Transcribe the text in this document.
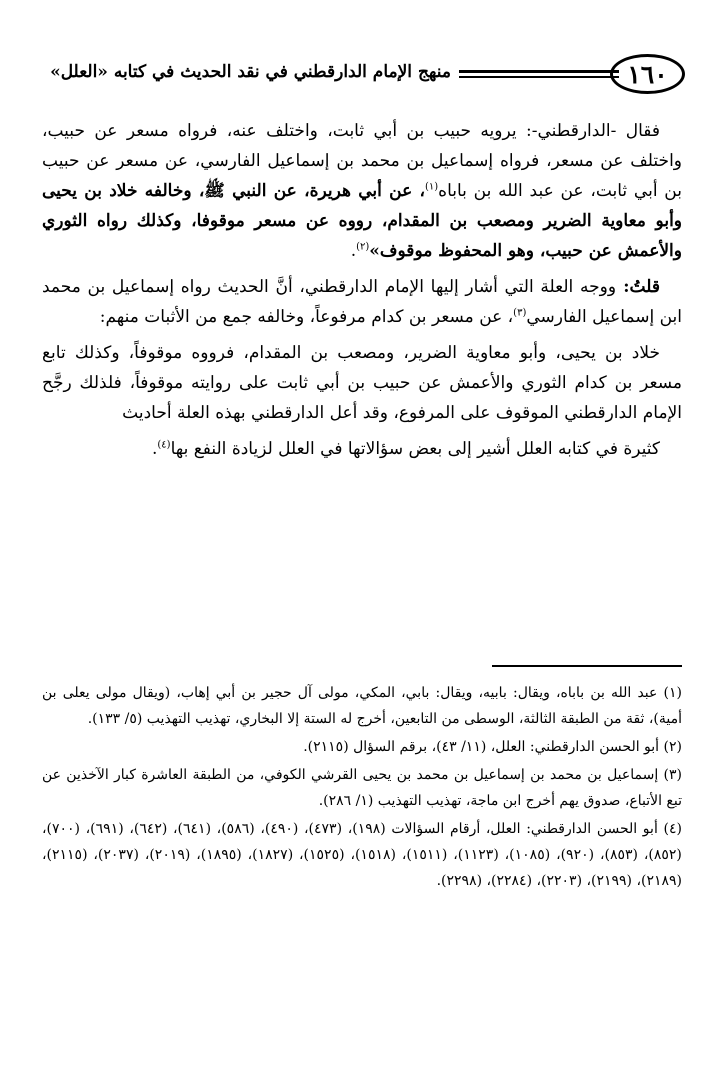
١٦٠
منهج الإمام الدارقطني في نقد الحديث في كتابه «العلل»

فقال -الدارقطني-: يرويه حبيب بن أبي ثابت، واختلف عنه، فرواه مسعر عن حبيب، واختلف عن مسعر، فرواه إسماعيل بن محمد بن إسماعيل الفارسي، عن مسعر عن حبيب بن أبي ثابت، عن عبد الله بن باباه$^{(١)}$، عن أبي هريرة، عن النبي ﷺ، وخالفه خلاد بن يحيى وأبو معاوية الضرير ومصعب بن المقدام، رووه عن مسعر موقوفا، وكذلك رواه الثوري والأعمش عن حبيب، وهو المحفوظ موقوف»$^{(٢)}$.

قلتُ: ووجه العلة التي أشار إليها الإمام الدارقطني، أنَّ الحديث رواه إسماعيل بن محمد ابن إسماعيل الفارسي$^{(٣)}$، عن مسعر بن كدام مرفوعاً، وخالفه جمع من الأثبات منهم:

خلاد بن يحيى، وأبو معاوية الضرير، ومصعب بن المقدام، فرووه موقوفاً، وكذلك تابع مسعر بن كدام الثوري والأعمش عن حبيب بن أبي ثابت على روايته موقوفاً، فلذلك رجَّح الإمام الدارقطني الموقوف على المرفوع، وقد أعل الدارقطني بهذه العلة أحاديث

كثيرة في كتابه العلل أشير إلى بعض سؤالاتها في العلل لزيادة النفع بها$^{(٤)}$.

(١) عبد الله بن باباه، ويقال: بابيه، ويقال: بابي، المكي، مولى آل حجير بن أبي إهاب، (ويقال مولى يعلى بن أمية)، ثقة من الطبقة الثالثة، الوسطى من التابعين، أخرج له الستة إلا البخاري، تهذيب التهذيب (٥/ ١٣٣).

(٢) أبو الحسن الدارقطني: العلل، (١١/ ٤٣)، برقم السؤال (٢١١٥).

(٣) إسماعيل بن محمد بن إسماعيل بن محمد بن يحيى القرشي الكوفي، من الطبقة العاشرة كبار الآخذين عن تبع الأتباع، صدوق يهم أخرج ابن ماجة، تهذيب التهذيب (١/ ٢٨٦).

(٤) أبو الحسن الدارقطني: العلل، أرقام السؤالات (١٩٨)، (٤٧٣)، (٤٩٠)، (٥٨٦)، (٦٤١)، (٦٤٢)، (٦٩١)، (٧٠٠)، (٨٥٢)، (٨٥٣)، (٩٢٠)، (١٠٨٥)، (١١٢٣)، (١٥١١)، (١٥١٨)، (١٥٢٥)، (١٨٢٧)، (١٨٩٥)، (٢٠١٩)، (٢٠٣٧)، (٢١١٥)، (٢١٨٩)، (٢١٩٩)، (٢٢٠٣)، (٢٢٨٤)، (٢٢٩٨).
